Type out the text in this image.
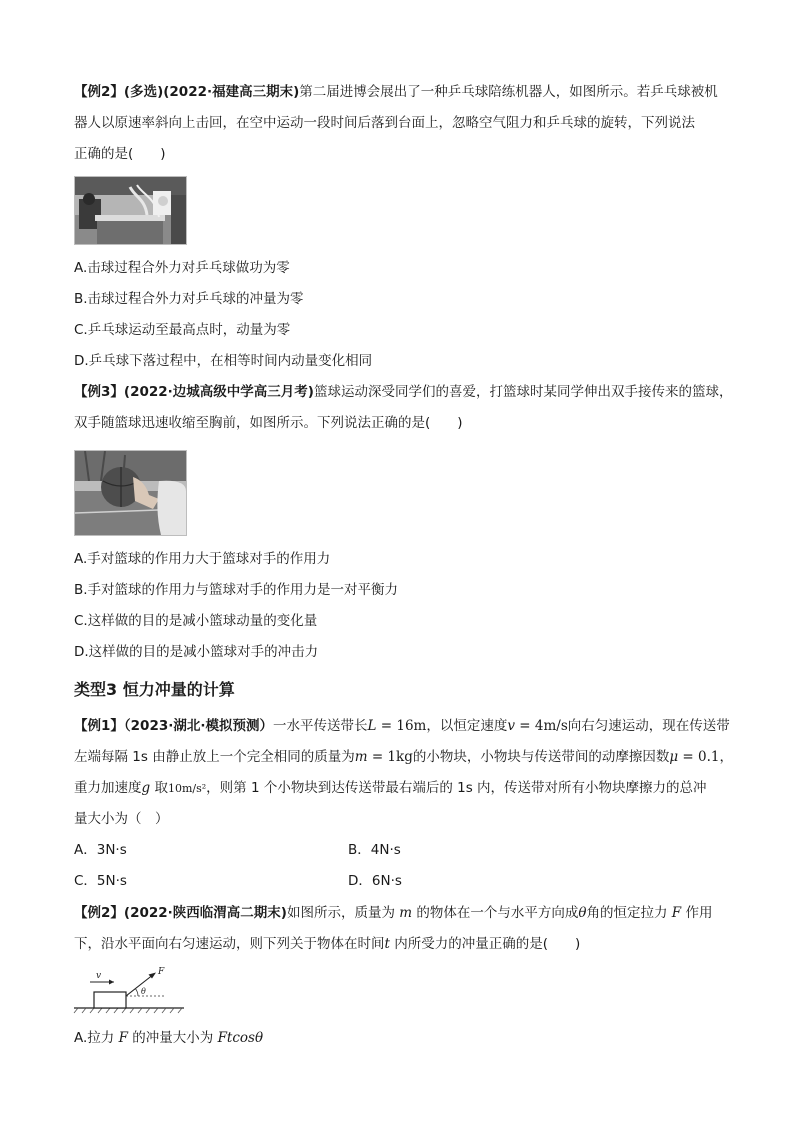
【例2】(多选)(2022·福建高三期末)第二届进博会展出了一种乒乓球陪练机器人，如图所示。若乒乓球被机
器人以原速率斜向上击回，在空中运动一段时间后落到台面上，忽略空气阻力和乒乓球的旋转，下列说法
正确的是(　　)
A.击球过程合外力对乒乓球做功为零
B.击球过程合外力对乒乓球的冲量为零
C.乒乓球运动至最高点时，动量为零
D.乒乓球下落过程中，在相等时间内动量变化相同
【例3】(2022·边城高级中学高三月考)篮球运动深受同学们的喜爱，打篮球时某同学伸出双手接传来的篮球，
双手随篮球迅速收缩至胸前，如图所示。下列说法正确的是(　　)
A.手对篮球的作用力大于篮球对手的作用力
B.手对篮球的作用力与篮球对手的作用力是一对平衡力
C.这样做的目的是减小篮球动量的变化量
D.这样做的目的是减小篮球对手的冲击力
类型3 恒力冲量的计算
【例1】（2023·湖北·模拟预测）一水平传送带长L = 16m，以恒定速度v = 4m/s向右匀速运动，现在传送带
左端每隔 1s 由静止放上一个完全相同的质量为m = 1kg的小物块，小物块与传送带间的动摩擦因数μ = 0.1，
重力加速度g 取10m/s²，则第 1 个小物块到达传送带最右端后的 1s 内，传送带对所有小物块摩擦力的总冲
量大小为（　）
A．3N·s	B．4N·s
C．5N·s	D．6N·s
【例2】(2022·陕西临渭高二期末)如图所示，质量为 m 的物体在一个与水平方向成θ角的恒定拉力 F 作用
下，沿水平面向右匀速运动，则下列关于物体在时间t 内所受力的冲量正确的是(　　)
v	F
θ
A.拉力 F 的冲量大小为 Ftcosθ
